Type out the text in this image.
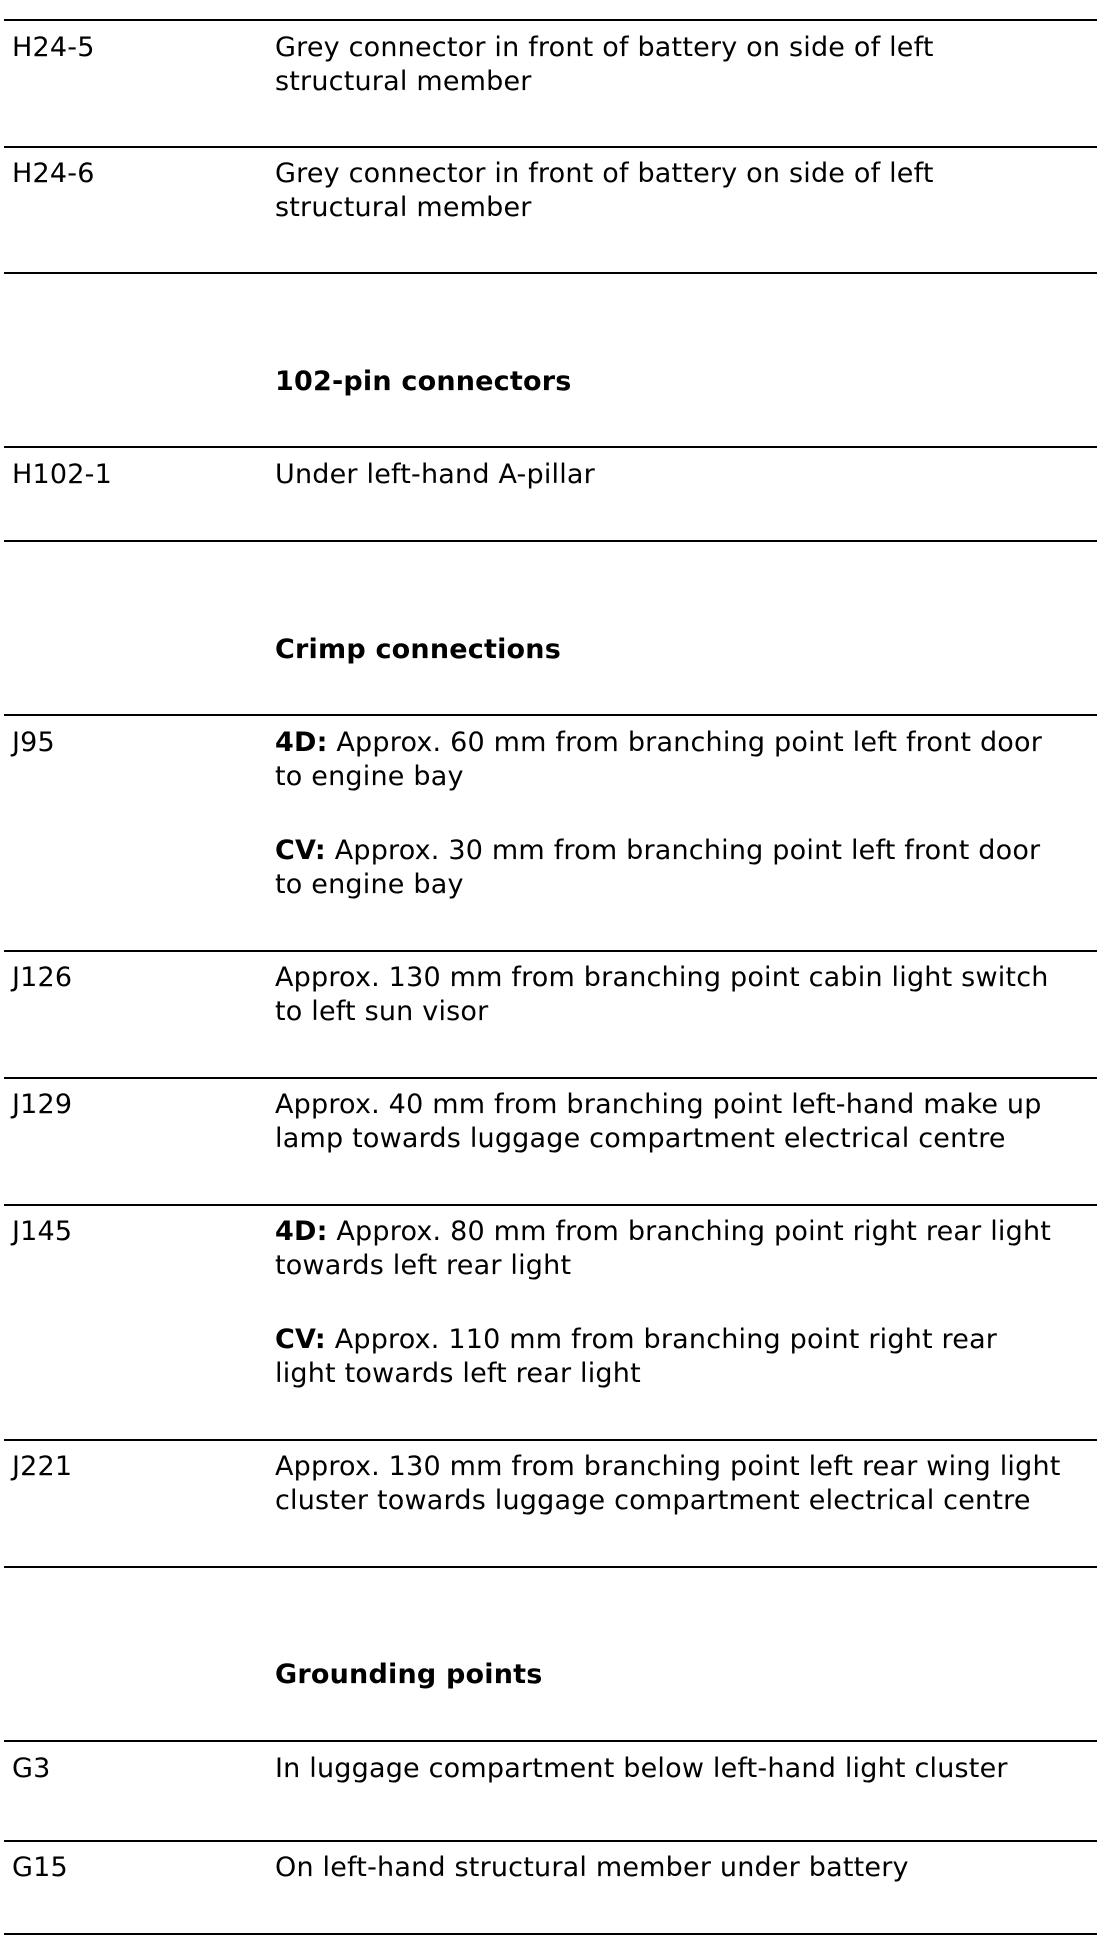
H24-5	Grey connector in front of battery on side of left
structural member
H24-6	Grey connector in front of battery on side of left
structural member
102-pin connectors
H102-1	Under left-hand A-pillar
Crimp connections
J95	4D: Approx. 60 mm from branching point left front door
to engine bay
CV: Approx. 30 mm from branching point left front door
to engine bay
J126	Approx. 130 mm from branching point cabin light switch
to left sun visor
J129	Approx. 40 mm from branching point left-hand make up
lamp towards luggage compartment electrical centre
J145	4D: Approx. 80 mm from branching point right rear light
towards left rear light
CV: Approx. 110 mm from branching point right rear
light towards left rear light
J221	Approx. 130 mm from branching point left rear wing light
cluster towards luggage compartment electrical centre
Grounding points
G3	In luggage compartment below left-hand light cluster
G15	On left-hand structural member under battery
